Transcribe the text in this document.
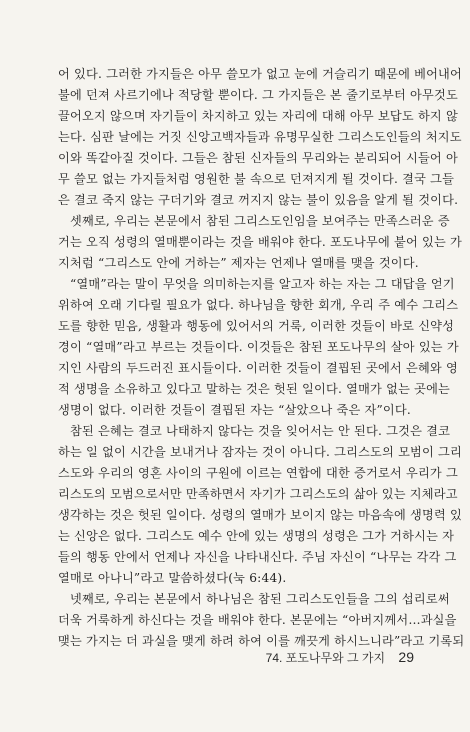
어 있다. 그러한 가지들은 아무 쓸모가 없고 눈에 거슬리기 때문에 베어내어
불에 던져 사르기에나 적당할 뿐이다. 그 가지들은 본 줄기로부터 아무것도
끌어오지 않으며 자기들이 차지하고 있는 자리에 대해 아무 보답도 하지 않
는다. 심판 날에는 거짓 신앙고백자들과 유명무실한 그리스도인들의 처지도
이와 똑같아질 것이다. 그들은 참된 신자들의 무리와는 분리되어 시들어 아
무 쓸모 없는 가지들처럼 영원한 불 속으로 던져지게 될 것이다. 결국 그들
은 결코 죽지 않는 구더기와 결코 꺼지지 않는 불이 있음을 알게 될 것이다.
셋째로, 우리는 본문에서 참된 그리스도인임을 보여주는 만족스러운 증
거는 오직 성령의 열매뿐이라는 것을 배워야 한다. 포도나무에 붙어 있는 가
지처럼 “그리스도 안에 거하는” 제자는 언제나 열매를 맺을 것이다.
“열매”라는 말이 무엇을 의미하는지를 알고자 하는 자는 그 대답을 얻기
위하여 오래 기다릴 필요가 없다. 하나님을 향한 회개, 우리 주 예수 그리스
도를 향한 믿음, 생활과 행동에 있어서의 거룩, 이러한 것들이 바로 신약성
경이 “열매”라고 부르는 것들이다. 이것들은 참된 포도나무의 살아 있는 가
지인 사람의 두드러진 표시들이다. 이러한 것들이 결핍된 곳에서 은혜와 영
적 생명을 소유하고 있다고 말하는 것은 헛된 일이다. 열매가 없는 곳에는
생명이 없다. 이러한 것들이 결핍된 자는 “살았으나 죽은 자”이다.
참된 은혜는 결코 나태하지 않다는 것을 잊어서는 안 된다. 그것은 결코
하는 일 없이 시간을 보내거나 잠자는 것이 아니다. 그리스도의 모범이 그리
스도와 우리의 영혼 사이의 구원에 이르는 연합에 대한 증거로서 우리가 그
리스도의 모범으로서만 만족하면서 자기가 그리스도의 삶아 있는 지체라고
생각하는 것은 헛된 일이다. 성령의 열매가 보이지 않는 마음속에 생명력 있
는 신앙은 없다. 그리스도 예수 안에 있는 생명의 성령은 그가 거하시는 자
들의 행동 안에서 언제나 자신을 나타내신다. 주님 자신이 “나무는 각각 그
열매로 아나니”라고 말씀하셨다(눅 6:44).
넷째로, 우리는 본문에서 하나님은 참된 그리스도인들을 그의 섭리로써
더욱 거룩하게 하신다는 것을 배워야 한다. 본문에는 “아버지께서…과실을
맺는 가지는 더 과실을 맺게 하려 하여 이를 깨끗게 하시느니라”라고 기록되
74. 포도나무와 그 가지 29
